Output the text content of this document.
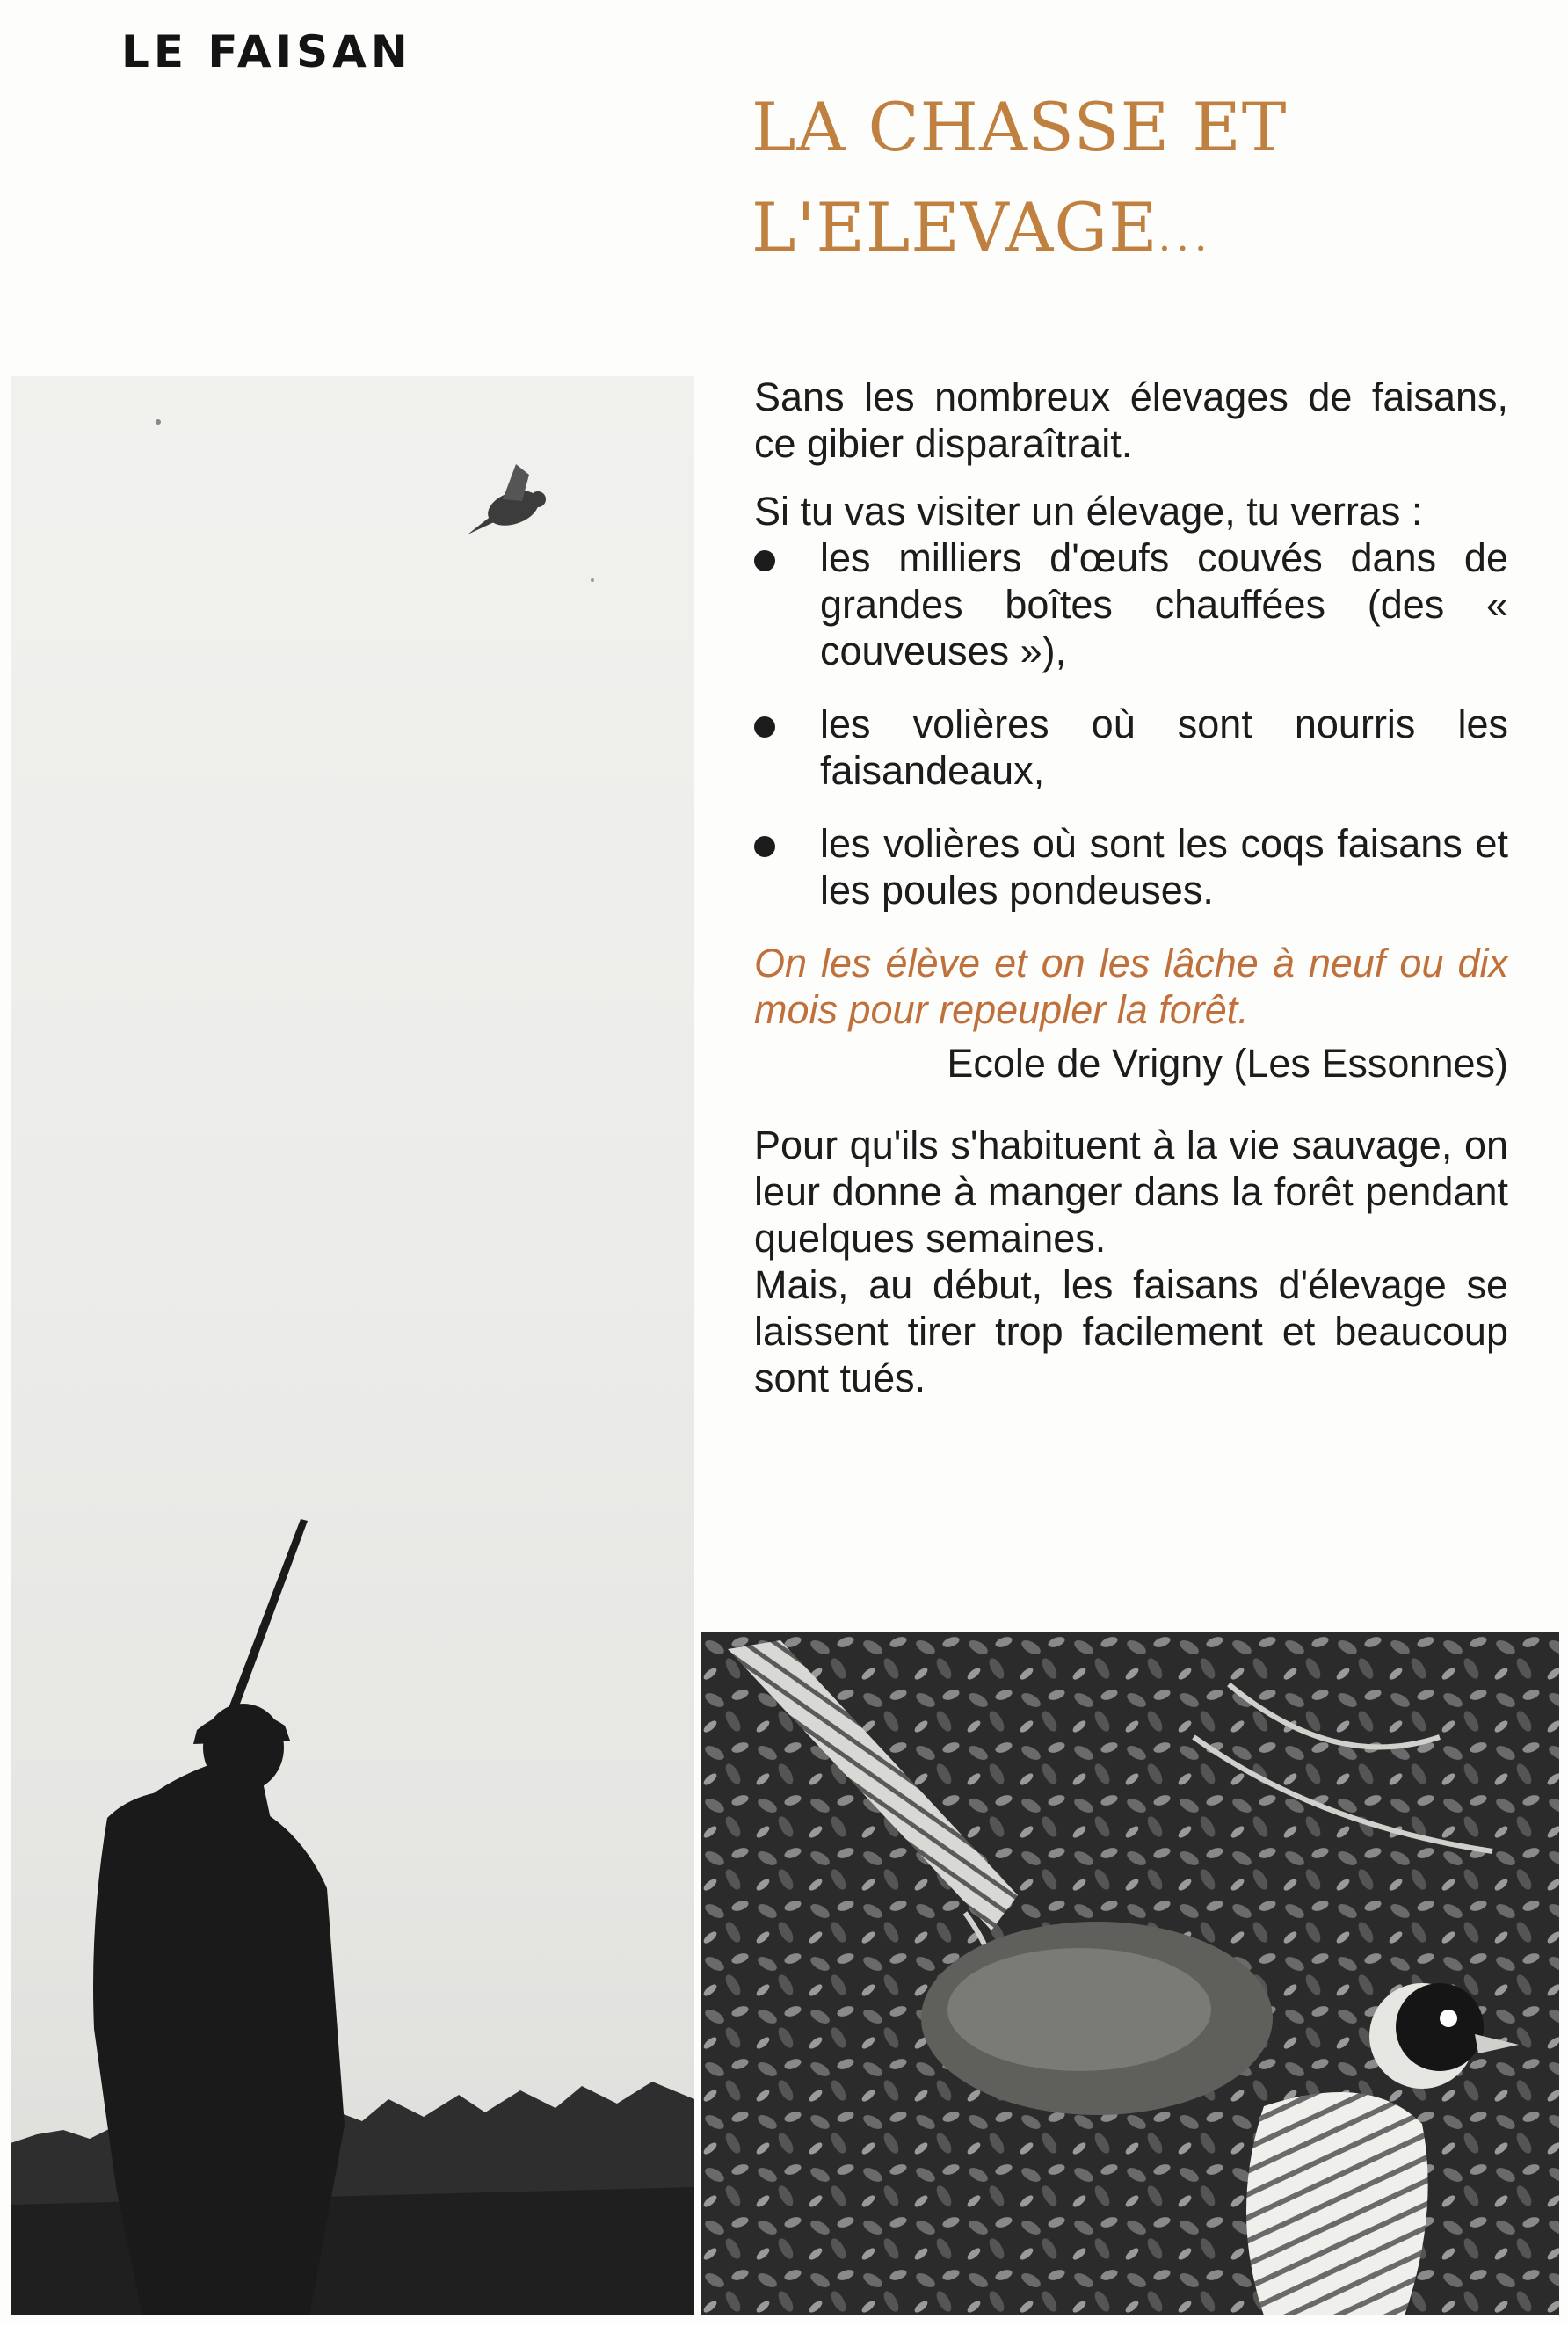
LE FAISAN
LA CHASSE ET
L'ELEVAGE...

Sans les nombreux élevages de faisans, ce gibier disparaîtrait.

Si tu vas visiter un élevage, tu verras :

les milliers d'œufs couvés dans de grandes boîtes chauffées (des « couveuses »),
les volières où sont nourris les faisandeaux,
les volières où sont les coqs faisans et les poules pondeuses.

On les élève et on les lâche à neuf ou dix mois pour repeupler la forêt.

Ecole de Vrigny (Les Essonnes)

Pour qu'ils s'habituent à la vie sauvage, on leur donne à manger dans la forêt pendant quelques semaines.

Mais, au début, les faisans d'élevage se laissent tirer trop facilement et beaucoup sont tués.
